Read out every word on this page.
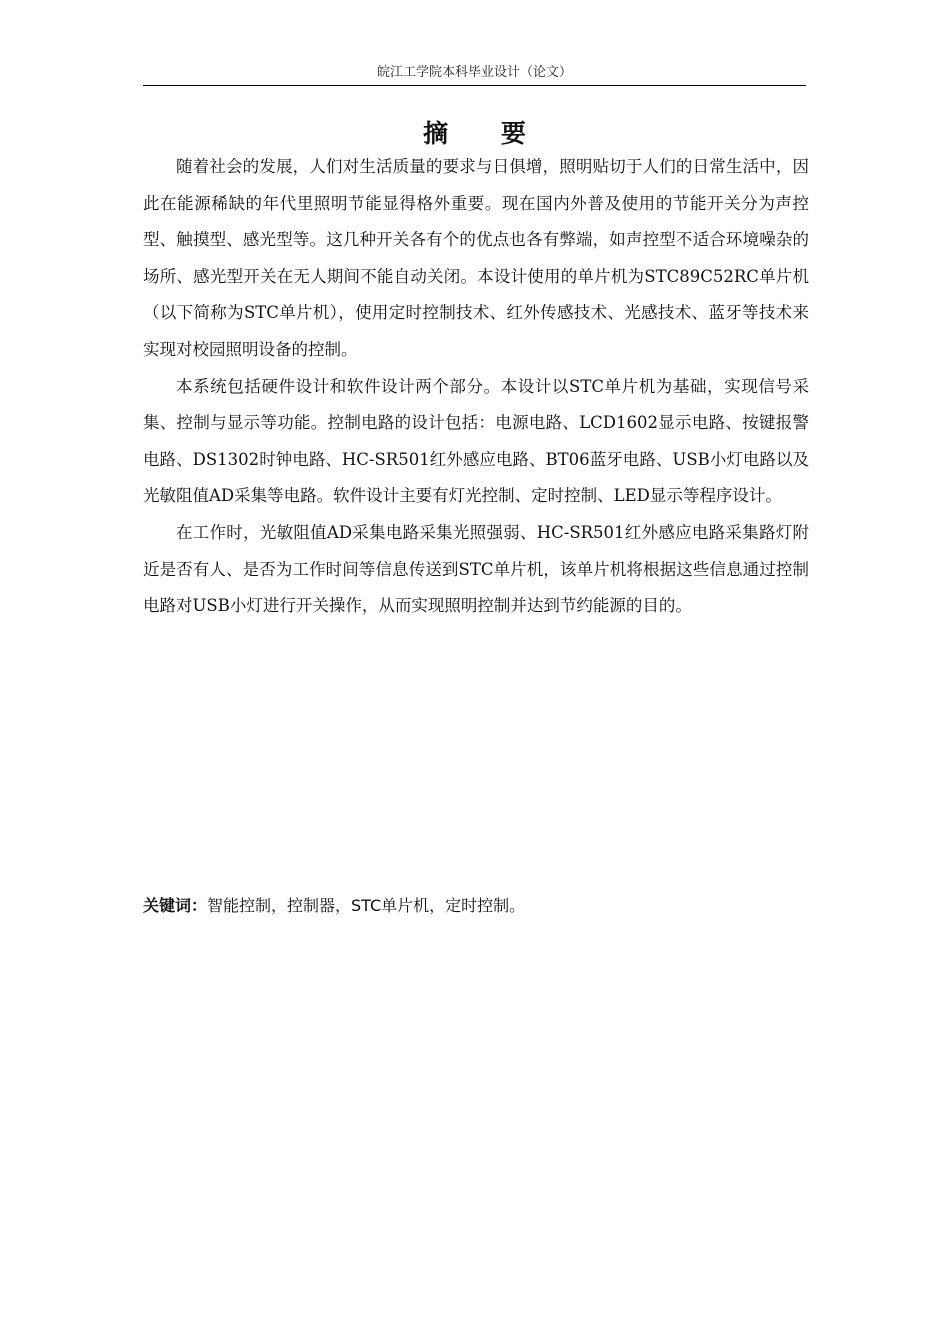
皖江工学院本科毕业设计（论文）
摘 要

随着社会的发展，人们对生活质量的要求与日俱增，照明贴切于人们的日常生活中，因此在能源稀缺的年代里照明节能显得格外重要。现在国内外普及使用的节能开关分为声控型、触摸型、感光型等。这几种开关各有个的优点也各有弊端，如声控型不适合环境噪杂的场所、感光型开关在无人期间不能自动关闭。本设计使用的单片机为STC89C52RC单片机（以下简称为STC单片机），使用定时控制技术、红外传感技术、光感技术、蓝牙等技术来实现对校园照明设备的控制。

本系统包括硬件设计和软件设计两个部分。本设计以STC单片机为基础，实现信号采集、控制与显示等功能。控制电路的设计包括：电源电路、LCD1602显示电路、按键报警电路、DS1302时钟电路、HC-SR501红外感应电路、BT06蓝牙电路、USB小灯电路以及光敏阻值AD采集等电路。软件设计主要有灯光控制、定时控制、LED显示等程序设计。

在工作时，光敏阻值AD采集电路采集光照强弱、HC-SR501红外感应电路采集路灯附近是否有人、是否为工作时间等信息传送到STC单片机，该单片机将根据这些信息通过控制电路对USB小灯进行开关操作，从而实现照明控制并达到节约能源的目的。

关键词：智能控制，控制器，STC单片机，定时控制。
